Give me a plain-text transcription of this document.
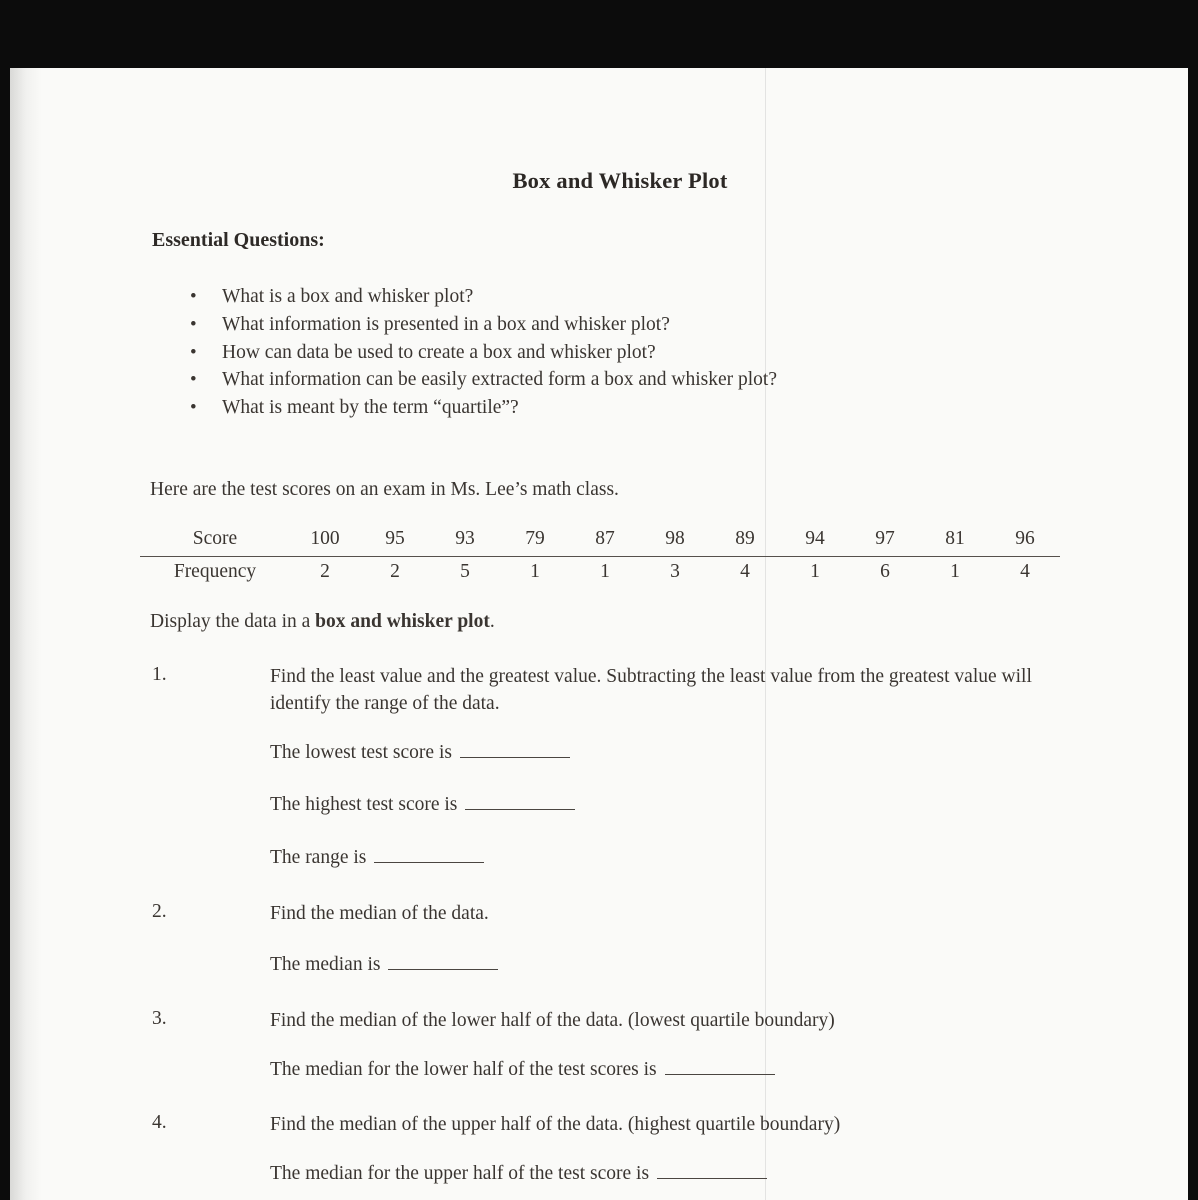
Box and Whisker Plot
Essential Questions:
• What is a box and whisker plot?
• What information is presented in a box and whisker plot?
• How can data be used to create a box and whisker plot?
• What information can be easily extracted form a box and whisker plot?
• What is meant by the term “quartile”?
Here are the test scores on an exam in Ms. Lee’s math class.
Score	100	95	93	79	87	98	89	94	97	81	96
Frequency	2	2	5	1	1	3	4	1	6	1	4
Display the data in a box and whisker plot.
1.	Find the least value and the greatest value. Subtracting the least value from the greatest value will identify the range of the data.
The lowest test score is
The highest test score is
The range is
2.	Find the median of the data.
The median is
3.	Find the median of the lower half of the data. (lowest quartile boundary)
The median for the lower half of the test scores is
4.	Find the median of the upper half of the data. (highest quartile boundary)
The median for the upper half of the test score is
